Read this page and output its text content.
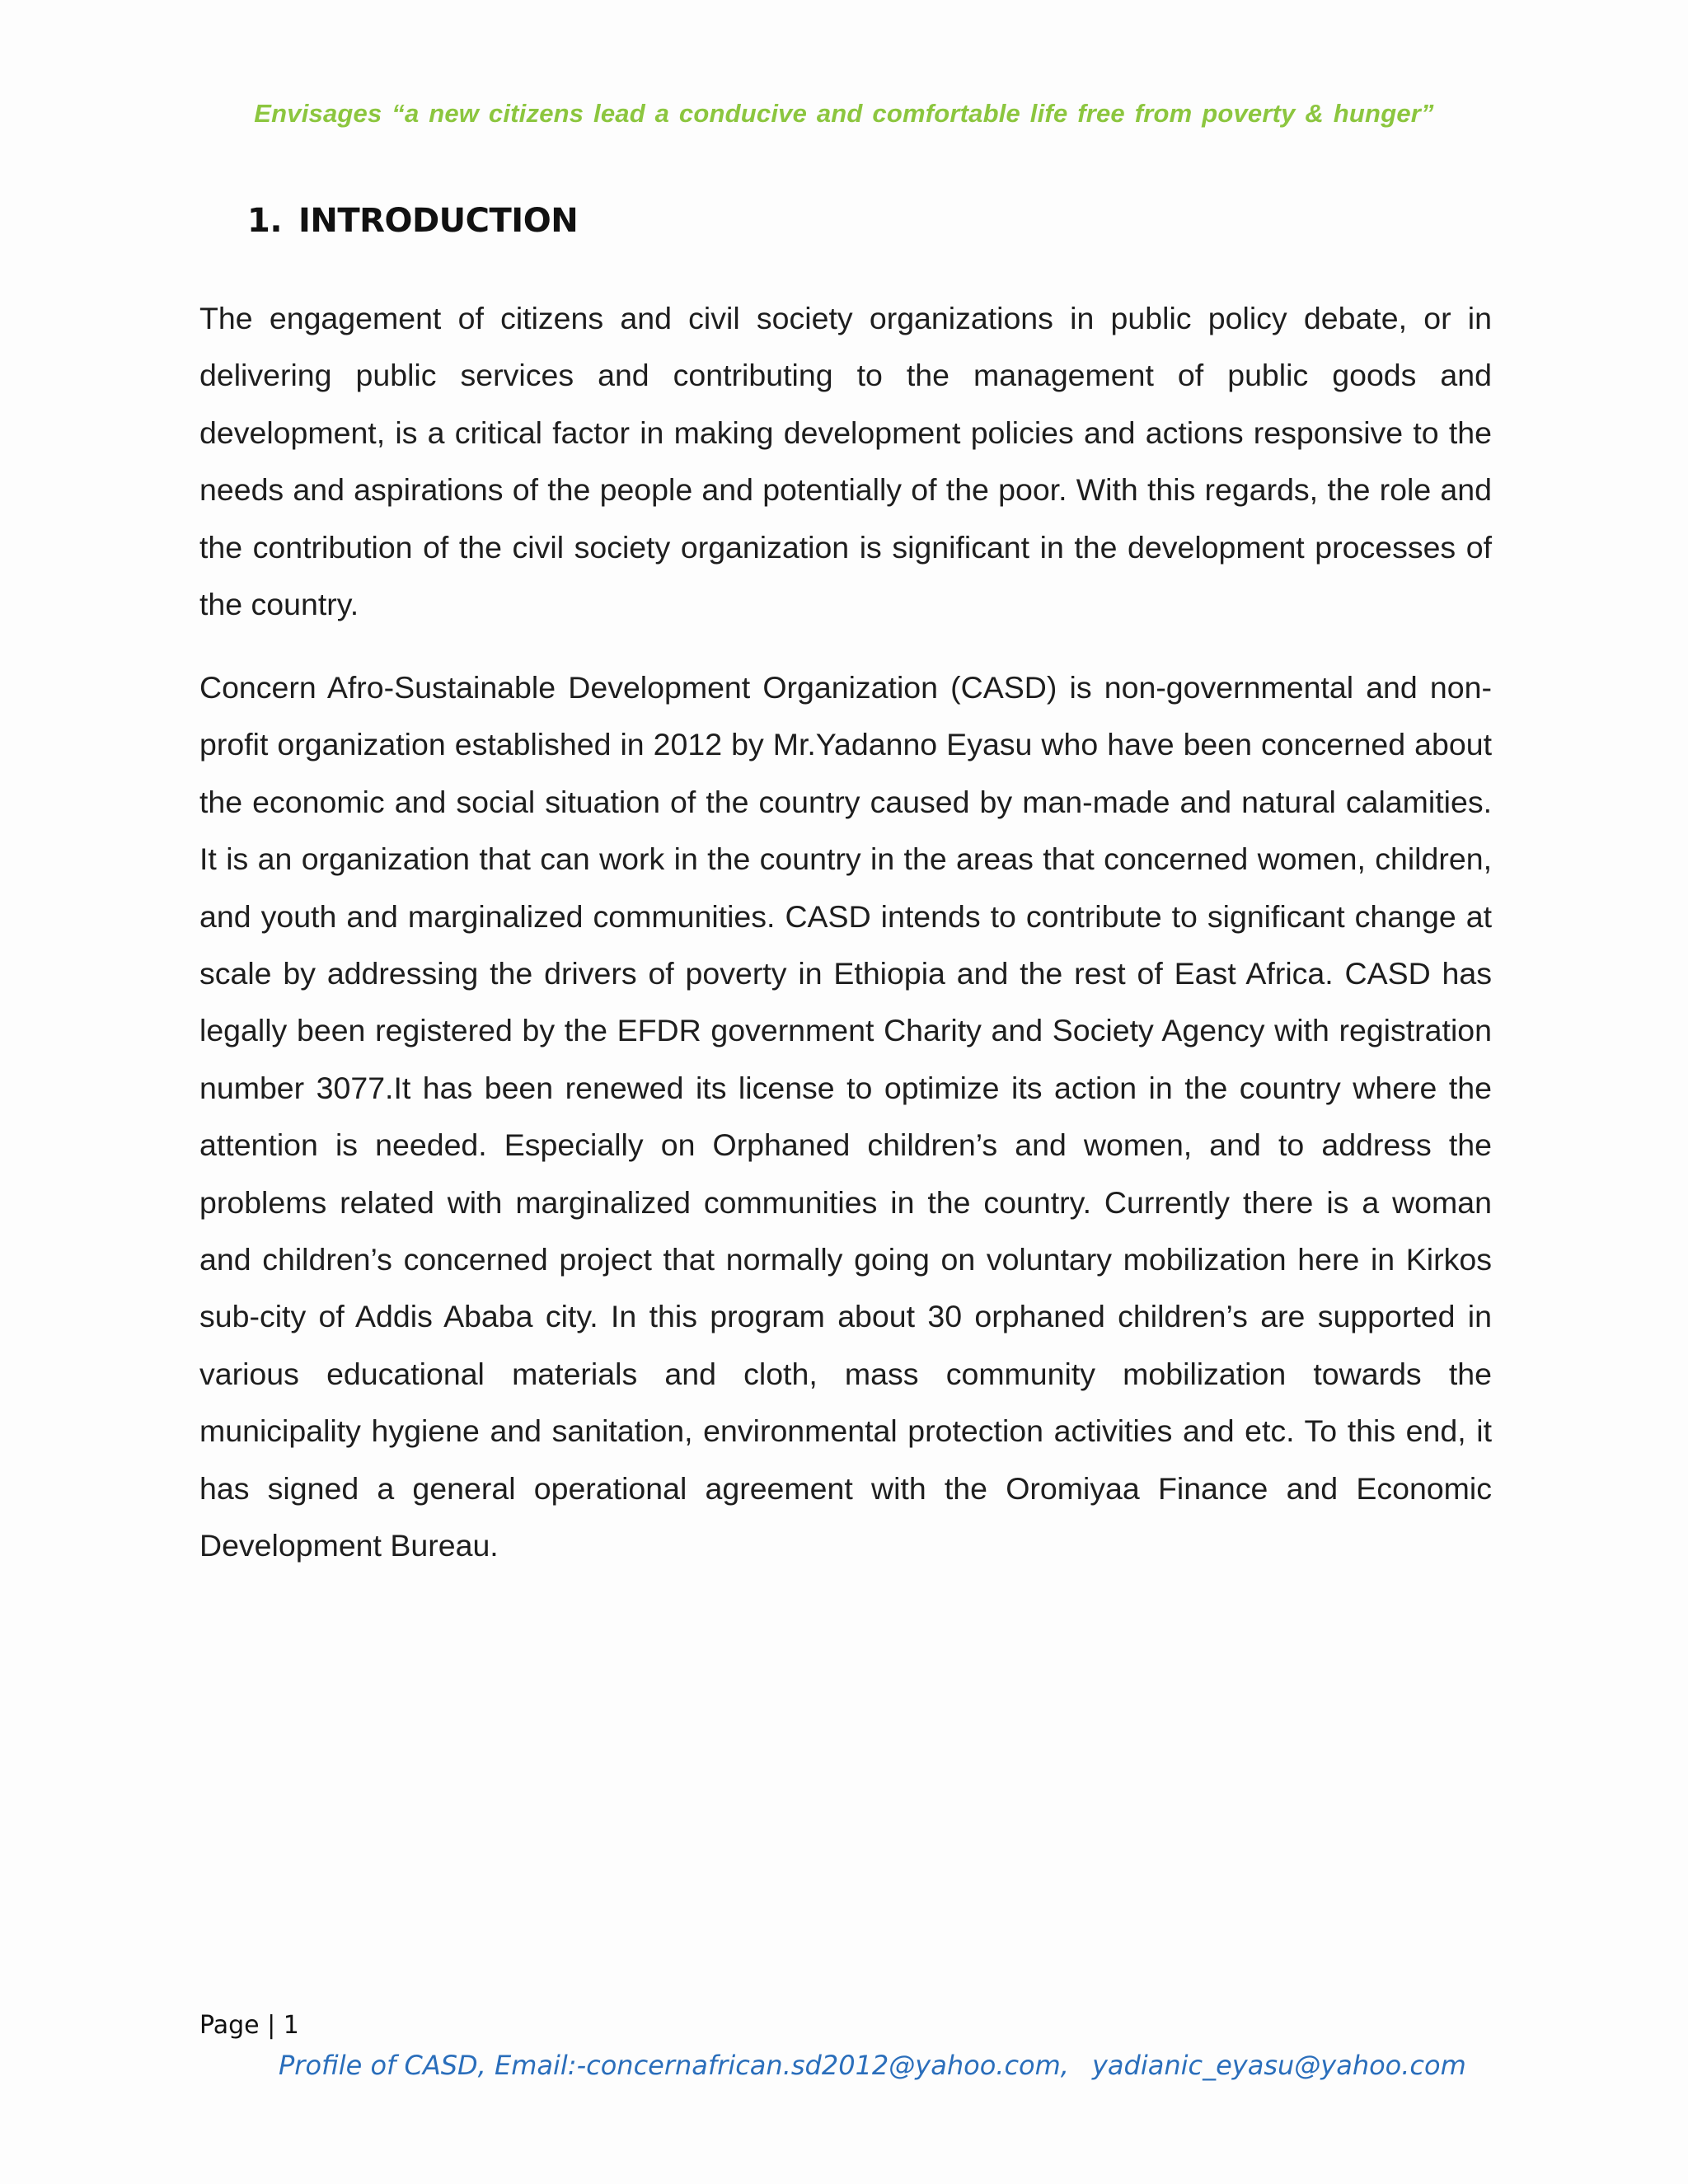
Envisages “a new citizens lead a conducive and comfortable life free from poverty & hunger”
1. INTRODUCTION

The engagement of citizens and civil society organizations in public policy debate, or in delivering public services and contributing to the management of public goods and development, is a critical factor in making development policies and actions responsive to the needs and aspirations of the people and potentially of the poor. With this regards, the role and the contribution of the civil society organization is significant in the development processes of the country.

Concern Afro-Sustainable Development Organization (CASD) is non-governmental and non- profit organization established in 2012 by Mr.Yadanno Eyasu who have been concerned about the economic and social situation of the country caused by man-made and natural calamities. It is an organization that can work in the country in the areas that concerned women, children, and youth and marginalized communities. CASD intends to contribute to significant change at scale by addressing the drivers of poverty in Ethiopia and the rest of East Africa. CASD has legally been registered by the EFDR government Charity and Society Agency with registration number 3077.It has been renewed its license to optimize its action in the country where the attention is needed. Especially on Orphaned children’s and women, and to address the problems related with marginalized communities in the country. Currently there is a woman and children’s concerned project that normally going on voluntary mobilization here in Kirkos sub-city of Addis Ababa city. In this program about 30 orphaned children’s are supported in various educational materials and cloth, mass community mobilization towards the municipality hygiene and sanitation, environmental protection activities and etc. To this end, it has signed a general operational agreement with the Oromiyaa Finance and Economic Development Bureau.

Page | 1
Profile of CASD, Email:-concernafrican.sd2012@yahoo.com, yadianic_eyasu@yahoo.com
